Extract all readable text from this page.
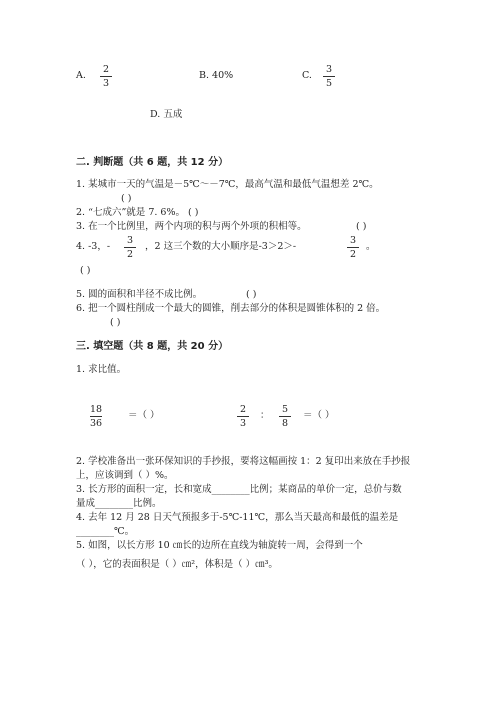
A.
2
3
B. 40%	C.
3
5
D. 五成
二. 判断题（共 6 题，共 12 分）
1. 某城市一天的气温是－5℃～－7℃，最高气温和最低气温想差 2℃。
( )
2. “七成六”就是 7. 6%。 ( )
3. 在一个比例里，两个内项的积与两个外项的积相等。	( )
4. -3，-
3
2
，2 这三个数的大小顺序是-3＞2＞-
3
2
。
( )
5. 圆的面积和半径不成比例。	( )
6. 把一个圆柱削成一个最大的圆锥，削去部分的体积是圆锥体积的 2 倍。
( )
三. 填空题（共 8 题，共 20 分）
1. 求比值。
18
36
＝（ ）
2
3
：
5
8
＝（ ）
2. 学校准备出一张环保知识的手抄报，要将这幅画按 1：2 复印出来放在手抄报
上，应该调到（ ）%。
3. 长方形的面积一定，长和宽成________比例；某商品的单价一定，总价与数
量成________比例。
4. 去年 12 月 28 日天气预报多于-5℃-11℃，那么当天最高和最低的温差是
________℃。
5. 如图，以长方形 10 ㎝长的边所在直线为轴旋转一周，会得到一个
（ ），它的表面积是（ ）㎝²，体积是（ ）㎝³。
